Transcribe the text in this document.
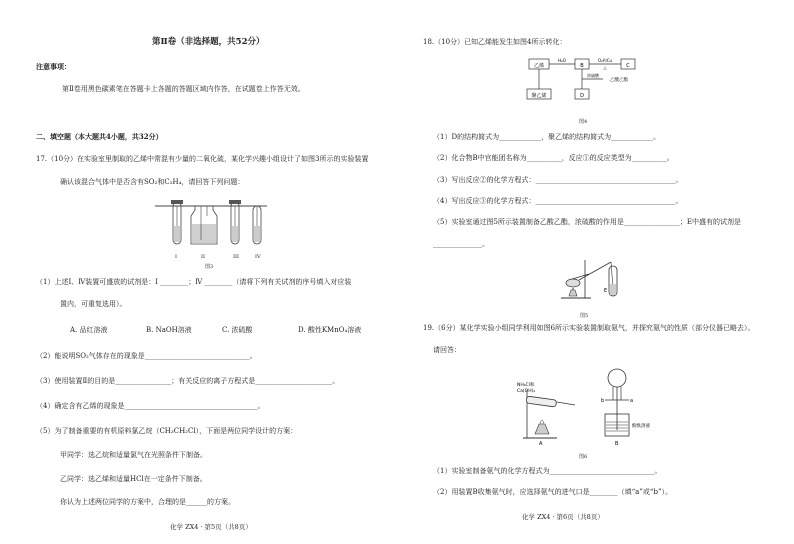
第Ⅱ卷（非选择题，共52分）
注意事项：
第Ⅱ卷用黑色碳素笔在答题卡上各题的答题区域内作答，在试题卷上作答无效。
二、填空题（本大题共4小题，共32分）
17.（10分）在实验室里制取的乙烯中常混有少量的二氧化硫，某化学兴趣小组设计了如图3所示的实验装置
确认该混合气体中是否含有SO₂和C₂H₄，请回答下列问题：
I	II	III	IV
图3
（1）上述Ⅰ、Ⅳ装置可盛放的试剂是：Ⅰ ________；Ⅳ ________（请将下列有关试剂的序号填入对应装
置内，可重复选用）。
A. 品红溶液	B. NaOH溶液	C. 浓硫酸	D. 酸性KMnO₄溶液
（2）能说明SO₂气体存在的现象是______________________________。
（3）使用装置Ⅱ的目的是________________；有关反应的离子方程式是______________________。
（4）确定含有乙烯的现象是______________________________________。
（5）为了制备重要的有机原料氯乙烷（CH₃CH₂Cl），下面是两位同学设计的方案：
甲同学：选乙烷和适量氯气在光照条件下制备。
乙同学：选乙烯和适量HCl在一定条件下制备。
你认为上述两位同学的方案中，合理的是______的方案。
化学 ZX4 · 第5页（共8页）
18.（10分）已知乙烯能发生如图4所示转化：
乙烯	B	C
聚乙烯	D
H₂O	O₂和Cu
△
浓硫酸
乙酸乙酯
图4
（1）D的结构简式为____________，聚乙烯的结构简式为____________。
（2）化合物B中官能团名称为__________，反应①的反应类型为__________。
（3）写出反应②的化学方程式：________________________________________。
（4）写出反应③的化学方程式：________________________________________。
（5）实验室通过图5所示装置制备乙酸乙酯，浓硫酸的作用是________________；E中盛有的试剂是
______________。
E
图5
19.（6分）某化学实验小组同学利用如图6所示实验装置制取氨气，并探究氨气的性质（部分仪器已略去）。
请回答：
NH₄Cl和
Ca(OH)₂
A
b	a
酚酞溶液
B
图6
（1）实验室制备氨气的化学方程式为______________________________。
（2）用装置B收集氨气时，应选择氨气的进气口是________（填“a”或“b”）。
化学 ZX4 · 第6页（共8页）
